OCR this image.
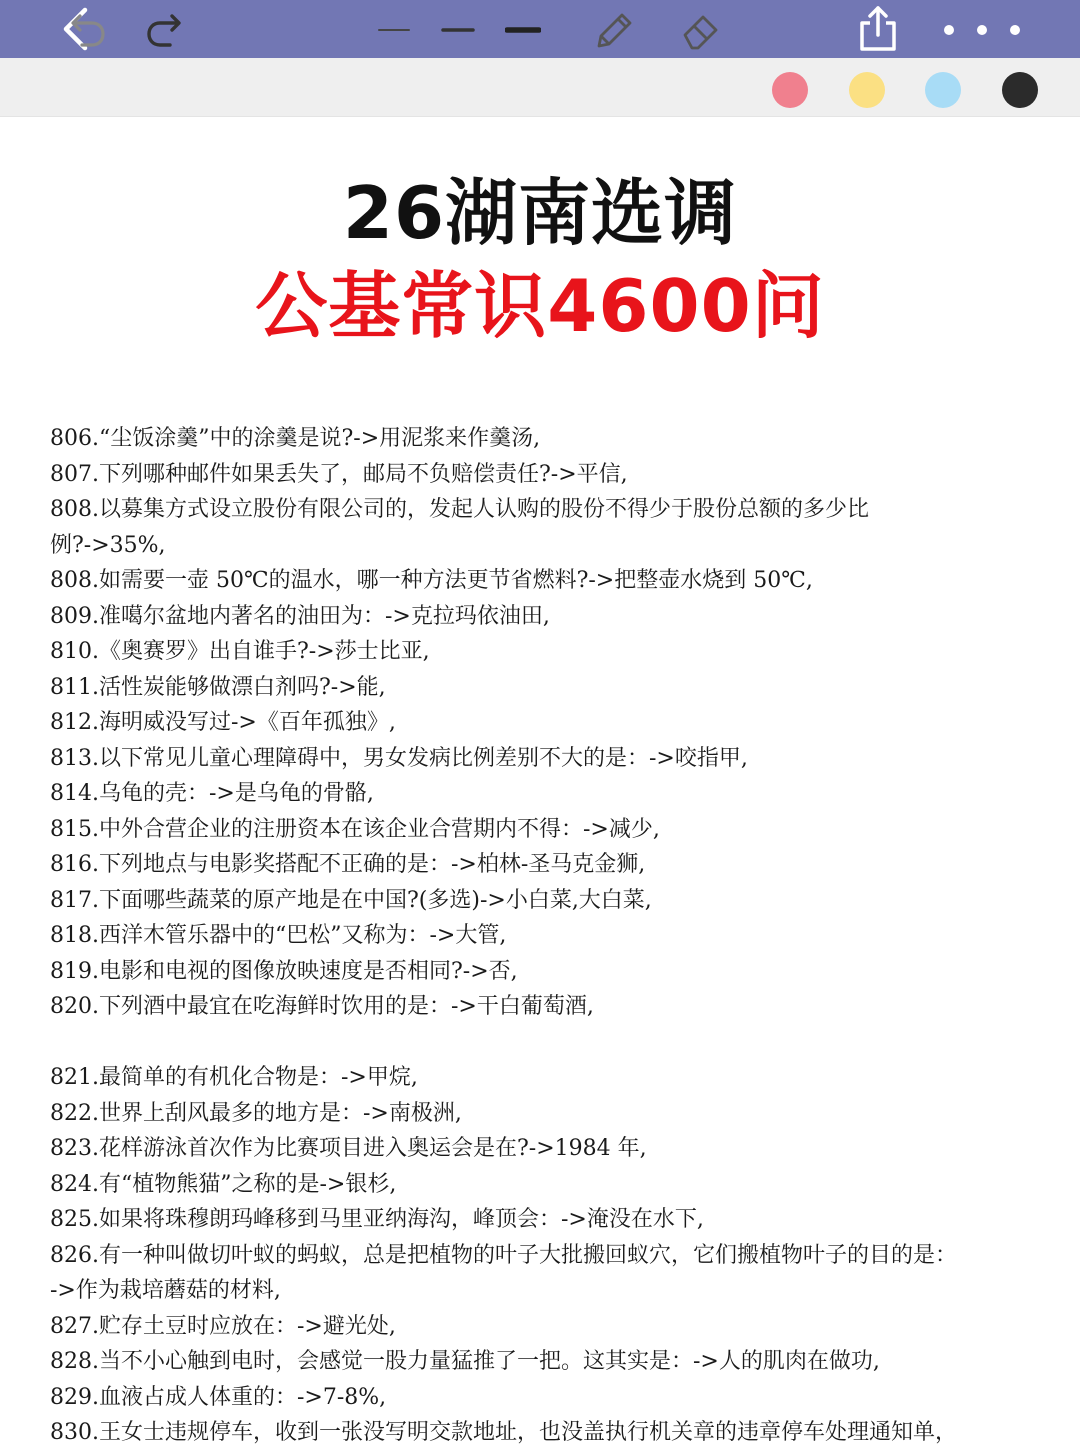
26湖南选调
公基常识4600问
806.“尘饭涂羹”中的涂羹是说?->用泥浆来作羹汤,
807.下列哪种邮件如果丢失了，邮局不负赔偿责任?->平信,
808.以募集方式设立股份有限公司的，发起人认购的股份不得少于股份总额的多少比
例?->35%,
808.如需要一壶 50℃的温水，哪一种方法更节省燃料?->把整壶水烧到 50℃,
809.准噶尔盆地内著名的油田为：->克拉玛依油田,
810.《奥赛罗》出自谁手?->莎士比亚,
811.活性炭能够做漂白剂吗?->能,
812.海明威没写过->《百年孤独》,
813.以下常见儿童心理障碍中，男女发病比例差别不大的是：->咬指甲,
814.乌龟的壳：->是乌龟的骨骼,
815.中外合营企业的注册资本在该企业合营期内不得：->减少,
816.下列地点与电影奖搭配不正确的是：->柏林-圣马克金狮,
817.下面哪些蔬菜的原产地是在中国?(多选)->小白菜,大白菜,
818.西洋木管乐器中的“巴松”又称为：->大管,
819.电影和电视的图像放映速度是否相同?->否,
820.下列酒中最宜在吃海鲜时饮用的是：->干白葡萄酒,
821.最简单的有机化合物是：->甲烷,
822.世界上刮风最多的地方是：->南极洲,
823.花样游泳首次作为比赛项目进入奥运会是在?->1984 年,
824.有“植物熊猫”之称的是->银杉,
825.如果将珠穆朗玛峰移到马里亚纳海沟，峰顶会：->淹没在水下,
826.有一种叫做切叶蚁的蚂蚁，总是把植物的叶子大批搬回蚁穴，它们搬植物叶子的目的是：
->作为栽培蘑菇的材料,
827.贮存土豆时应放在：->避光处,
828.当不小心触到电时，会感觉一股力量猛推了一把。这其实是：->人的肌肉在做功,
829.血液占成人体重的：->7-8%,
830.王女士违规停车，收到一张没写明交款地址，也没盖执行机关章的违章停车处理通知单，
